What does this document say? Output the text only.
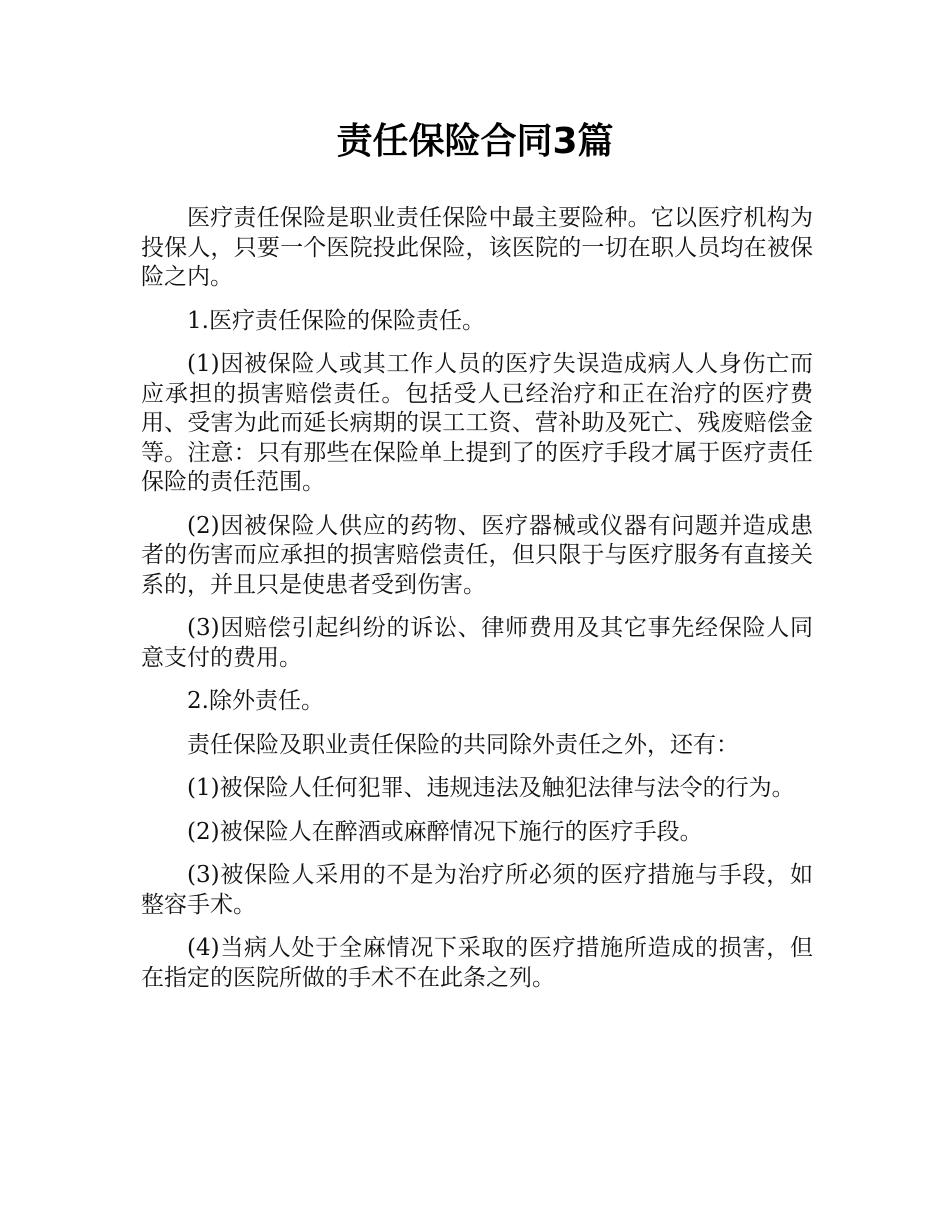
责任保险合同3篇

医疗责任保险是职业责任保险中最主要险种。它以医疗机构为投保人，只要一个医院投此保险，该医院的一切在职人员均在被保险之内。

1.医疗责任保险的保险责任。

(1)因被保险人或其工作人员的医疗失误造成病人人身伤亡而应承担的损害赔偿责任。包括受人已经治疗和正在治疗的医疗费用、受害为此而延长病期的误工工资、营补助及死亡、残废赔偿金等。注意：只有那些在保险单上提到了的医疗手段才属于医疗责任保险的责任范围。

(2)因被保险人供应的药物、医疗器械或仪器有问题并造成患者的伤害而应承担的损害赔偿责任，但只限于与医疗服务有直接关系的，并且只是使患者受到伤害。

(3)因赔偿引起纠纷的诉讼、律师费用及其它事先经保险人同意支付的费用。

2.除外责任。

责任保险及职业责任保险的共同除外责任之外，还有：

(1)被保险人任何犯罪、违规违法及触犯法律与法令的行为。

(2)被保险人在醉酒或麻醉情况下施行的医疗手段。

(3)被保险人采用的不是为治疗所必须的医疗措施与手段，如整容手术。

(4)当病人处于全麻情况下采取的医疗措施所造成的损害，但在指定的医院所做的手术不在此条之列。
